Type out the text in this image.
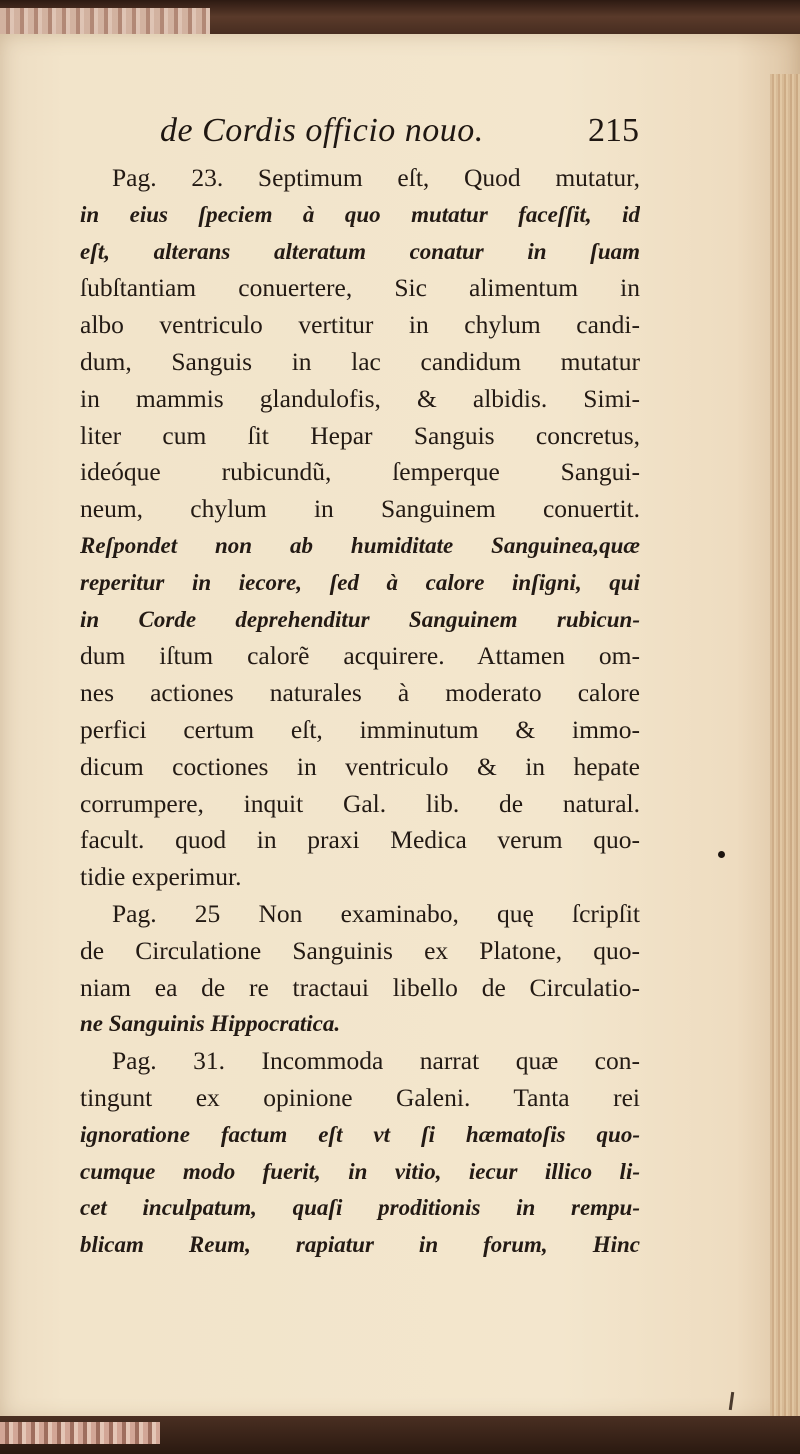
de Cordis officio nouo.	215
Pag. 23. Septimum eſt, Quod mutatur,
in eius ſpeciem à quo mutatur faceſſit, id
eſt, alterans alteratum conatur in ſuam
ſubſtantiam conuertere, Sic alimentum in
albo ventriculo vertitur in chylum candi-
dum, Sanguis in lac candidum mutatur
in mammis glandulofis, & albidis. Simi-
liter cum ſit Hepar Sanguis concretus,
ideóque rubicundũ, ſemperque Sangui-
neum, chylum in Sanguinem conuertit.
Reſpondet non ab humiditate Sanguinea,quæ
reperitur in iecore, ſed à calore inſigni, qui
in Corde deprehenditur Sanguinem rubicun-
dum iſtum calorẽ acquirere. Attamen om-
nes actiones naturales à moderato calore
perfici certum eſt, imminutum & immo-
dicum coctiones in ventriculo & in hepate
corrumpere, inquit Gal. lib. de natural.
facult. quod in praxi Medica verum quo-
tidie experimur.
Pag. 25 Non examinabo, quę ſcripſit
de Circulatione Sanguinis ex Platone, quo-
niam ea de re tractaui libello de Circulatio-
ne Sanguinis Hippocratica.
Pag. 31. Incommoda narrat quæ con-
tingunt ex opinione Galeni. Tanta rei
ignoratione factum eſt vt ſi hæmatoſis quo-
cumque modo fuerit, in vitio, iecur illico li-
cet inculpatum, quaſi proditionis in rempu-
blicam Reum, rapiatur in forum, Hinc
